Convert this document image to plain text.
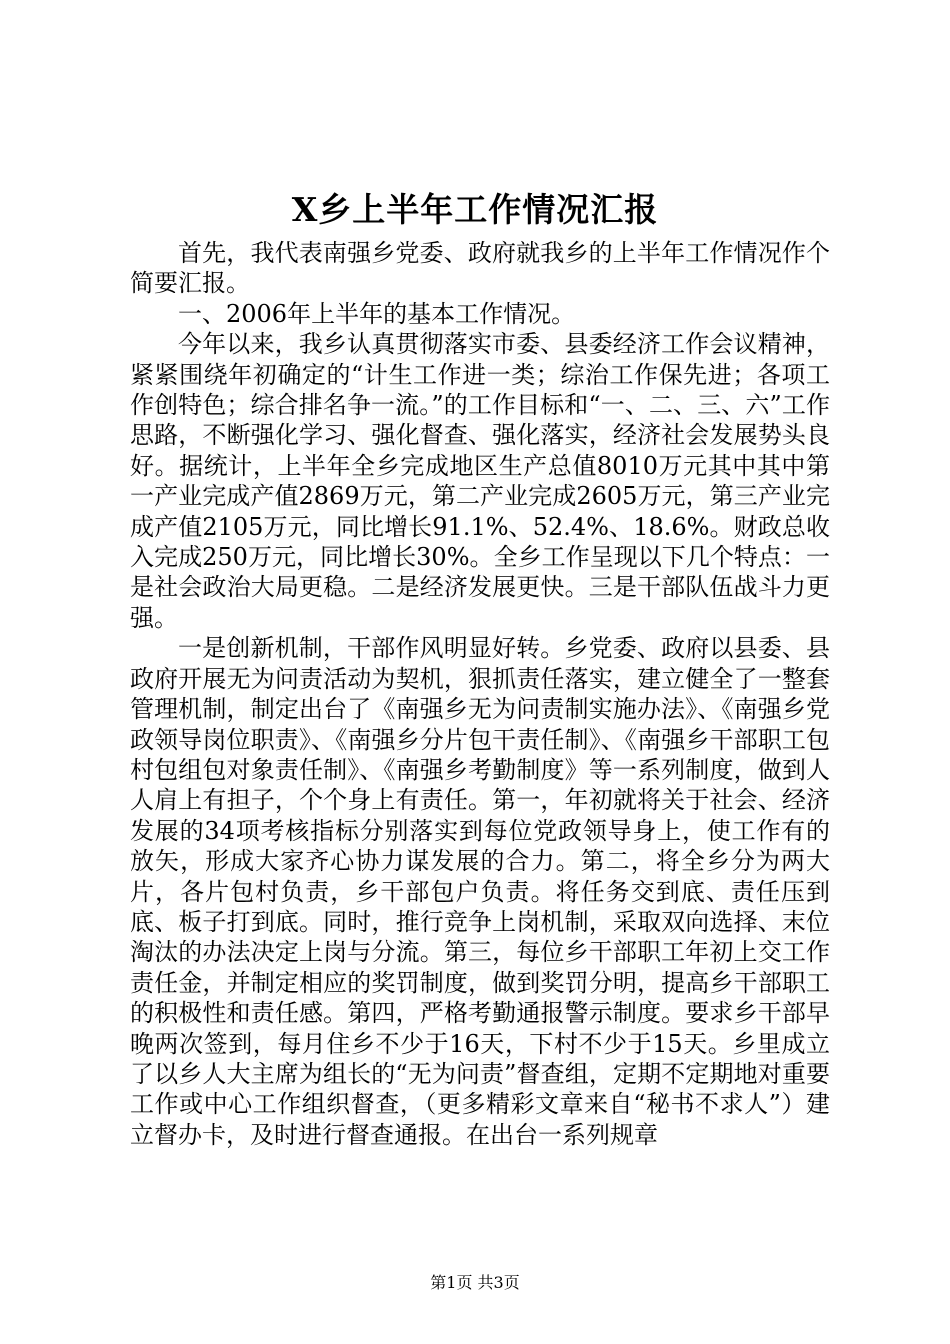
X乡上半年工作情况汇报

首先，我代表南强乡党委、政府就我乡的上半年工作情况作个简要汇报。

一、2006年上半年的基本工作情况。

今年以来，我乡认真贯彻落实市委、县委经济工作会议精神，紧紧围绕年初确定的“计生工作进一类；综治工作保先进；各项工作创特色；综合排名争一流。”的工作目标和“一、二、三、六”工作思路，不断强化学习、强化督查、强化落实，经济社会发展势头良好。据统计，上半年全乡完成地区生产总值8010万元其中其中第一产业完成产值2869万元，第二产业完成2605万元，第三产业完成产值2105万元，同比增长91.1%、52.4%、18.6%。财政总收入完成250万元，同比增长30%。全乡工作呈现以下几个特点：一是社会政治大局更稳。二是经济发展更快。三是干部队伍战斗力更强。

一是创新机制，干部作风明显好转。乡党委、政府以县委、县政府开展无为问责活动为契机，狠抓责任落实，建立健全了一整套管理机制，制定出台了《南强乡无为问责制实施办法》、《南强乡党政领导岗位职责》、《南强乡分片包干责任制》、《南强乡干部职工包村包组包对象责任制》、《南强乡考勤制度》等一系列制度，做到人人肩上有担子，个个身上有责任。第一，年初就将关于社会、经济发展的34项考核指标分别落实到每位党政领导身上，使工作有的放矢，形成大家齐心协力谋发展的合力。第二，将全乡分为两大片，各片包村负责，乡干部包户负责。将任务交到底、责任压到底、板子打到底。同时，推行竞争上岗机制，采取双向选择、末位淘汰的办法决定上岗与分流。第三，每位乡干部职工年初上交工作责任金，并制定相应的奖罚制度，做到奖罚分明，提高乡干部职工的积极性和责任感。第四，严格考勤通报警示制度。要求乡干部早晚两次签到，每月住乡不少于16天，下村不少于15天。乡里成立了以乡人大主席为组长的“无为问责”督查组，定期不定期地对重要工作或中心工作组织督查，（更多精彩文章来自“秘书不求人”）建立督办卡，及时进行督查通报。在出台一系列规章

第1页 共3页
